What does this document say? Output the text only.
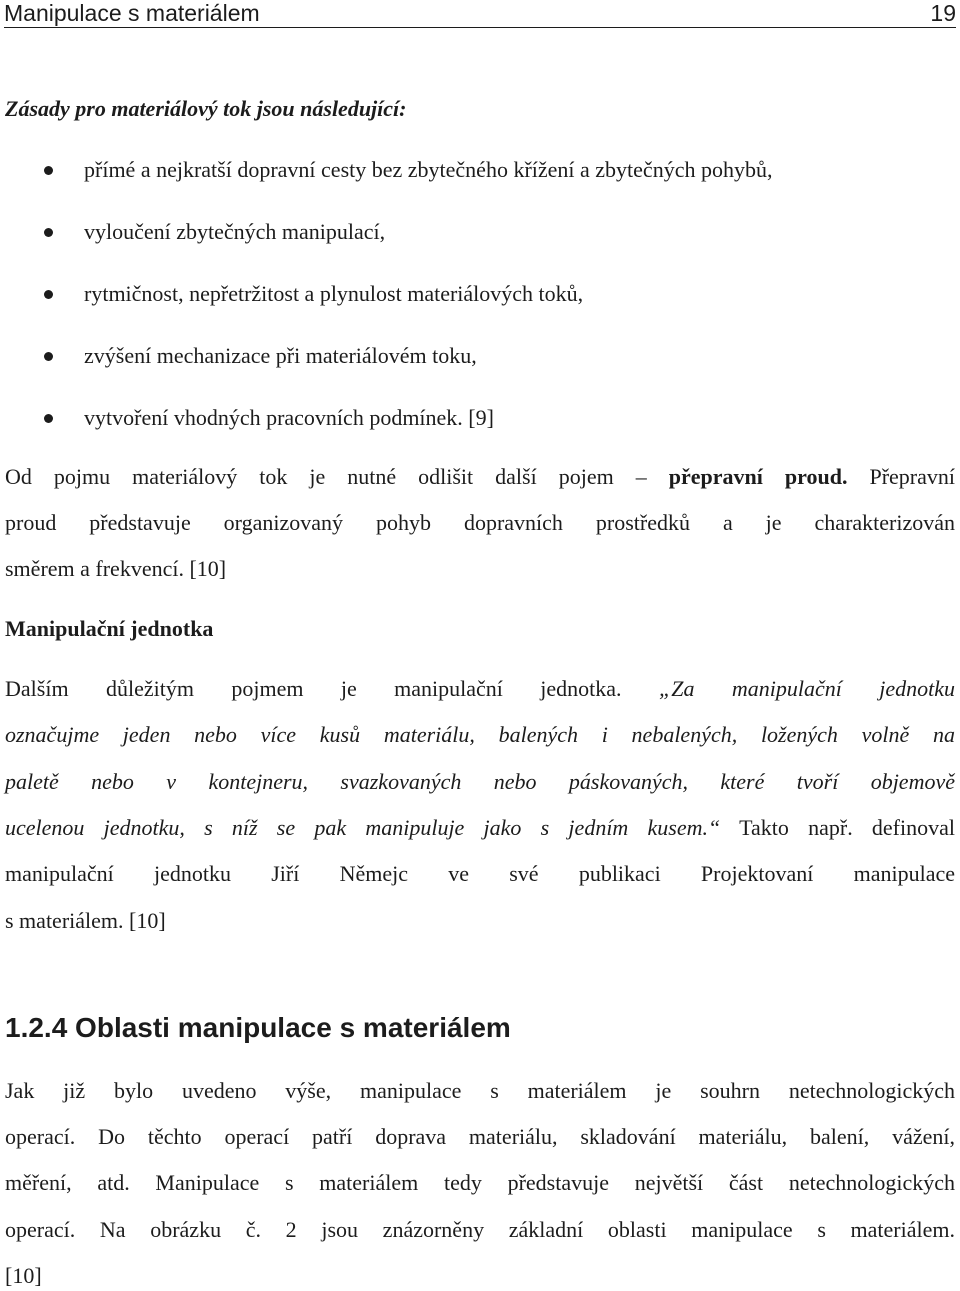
Manipulace s materiálem	19
Zásady pro materiálový tok jsou následující:
přímé a nejkratší dopravní cesty bez zbytečného křížení a zbytečných pohybů,
vyloučení zbytečných manipulací,
rytmičnost, nepřetržitost a plynulost materiálových toků,
zvýšení mechanizace při materiálovém toku,
vytvoření vhodných pracovních podmínek. [9]
Od pojmu materiálový tok je nutné odlišit další pojem – přepravní proud. Přepravní
proud představuje organizovaný pohyb dopravních prostředků a je charakterizován
směrem a frekvencí. [10]
Manipulační jednotka
Dalším důležitým pojmem je manipulační jednotka. „Za manipulační jednotku
označujme jeden nebo více kusů materiálu, balených i nebalených, ložených volně na
paletě nebo v kontejneru, svazkovaných nebo páskovaných, které tvoří objemově
ucelenou jednotku, s níž se pak manipuluje jako s jedním kusem.“ Takto např. definoval
manipulační jednotku Jiří Němejc ve své publikaci Projektovaní manipulace
s materiálem. [10]
1.2.4 Oblasti manipulace s materiálem
Jak již bylo uvedeno výše, manipulace s materiálem je souhrn netechnologických
operací. Do těchto operací patří doprava materiálu, skladování materiálu, balení, vážení,
měření, atd. Manipulace s materiálem tedy představuje největší část netechnologických
operací. Na obrázku č. 2 jsou znázorněny základní oblasti manipulace s materiálem.
[10]
